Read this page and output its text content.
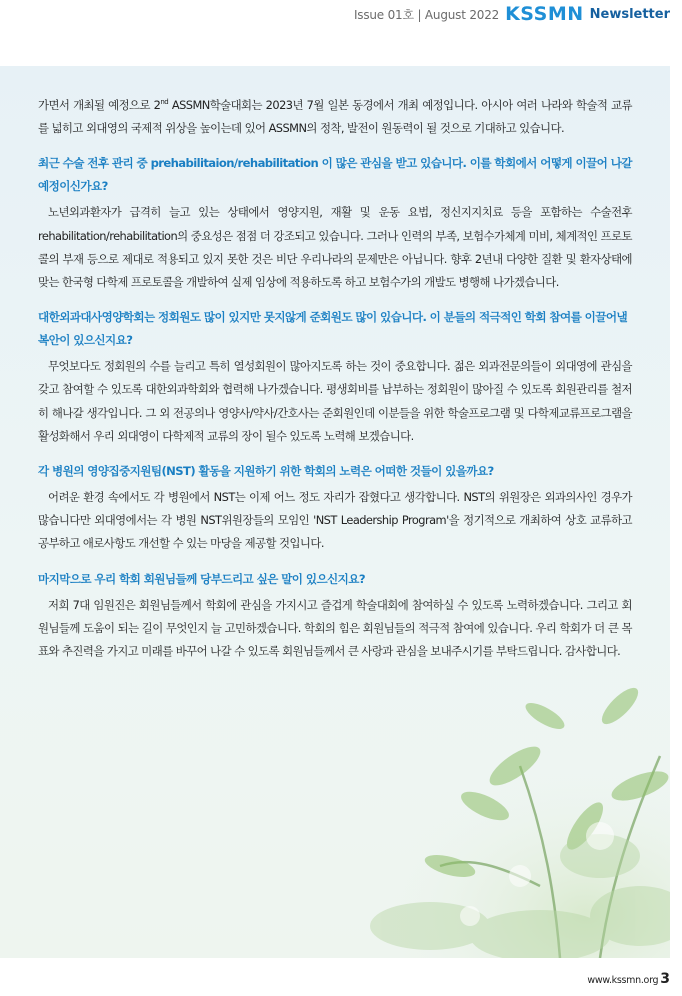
Issue 01호 | August 2022 KSSMN Newsletter

가면서 개최될 예정으로 2nd ASSMN학술대회는 2023년 7월 일본 동경에서 개최 예정입니다. 아시아 여러 나라와 학술적 교류를 넓히고 외대영의 국제적 위상을 높이는데 있어 ASSMN의 정착, 발전이 원동력이 될 것으로 기대하고 있습니다.

최근 수술 전후 관리 중 prehabilitaion/rehabilitation 이 많은 관심을 받고 있습니다. 이를 학회에서 어떻게 이끌어 나갈 예정이신가요?

노년외과환자가 급격히 늘고 있는 상태에서 영양지원, 재활 및 운동 요법, 정신지지치료 등을 포함하는 수술전후 rehabilitation/rehabilitation의 중요성은 점점 더 강조되고 있습니다. 그러나 인력의 부족, 보험수가체계 미비, 체계적인 프로토콜의 부재 등으로 제대로 적용되고 있지 못한 것은 비단 우리나라의 문제만은 아닙니다. 향후 2년내 다양한 질환 및 환자상태에 맞는 한국형 다학제 프로토콜을 개발하여 실제 임상에 적용하도록 하고 보험수가의 개발도 병행해 나가겠습니다.

대한외과대사영양학회는 정회원도 많이 있지만 못지않게 준회원도 많이 있습니다. 이 분들의 적극적인 학회 참여를 이끌어낼 복안이 있으신지요?

무엇보다도 정회원의 수를 늘리고 특히 열성회원이 많아지도록 하는 것이 중요합니다. 젊은 외과전문의들이 외대영에 관심을 갖고 참여할 수 있도록 대한외과학회와 협력해 나가겠습니다. 평생회비를 납부하는 정회원이 많아질 수 있도록 회원관리를 철저히 해나갈 생각입니다. 그 외 전공의나 영양사/약사/간호사는 준회원인데 이분들을 위한 학술프로그램 및 다학제교류프로그램을 활성화해서 우리 외대영이 다학제적 교류의 장이 될수 있도록 노력해 보겠습니다.

각 병원의 영양집중지원팀(NST) 활동을 지원하기 위한 학회의 노력은 어떠한 것들이 있을까요?

어려운 환경 속에서도 각 병원에서 NST는 이제 어느 정도 자리가 잡혔다고 생각합니다. NST의 위원장은 외과의사인 경우가 많습니다만 외대영에서는 각 병원 NST위원장들의 모임인 'NST Leadership Program'을 정기적으로 개최하여 상호 교류하고 공부하고 애로사항도 개선할 수 있는 마당을 제공할 것입니다.

마지막으로 우리 학회 회원님들께 당부드리고 싶은 말이 있으신지요?

저희 7대 임원진은 회원님들께서 학회에 관심을 가지시고 즐겁게 학술대회에 참여하실 수 있도록 노력하겠습니다. 그리고 회원님들께 도움이 되는 길이 무엇인지 늘 고민하겠습니다. 학회의 힘은 회원님들의 적극적 참여에 있습니다. 우리 학회가 더 큰 목표와 추진력을 가지고 미래를 바꾸어 나갈 수 있도록 회원님들께서 큰 사랑과 관심을 보내주시기를 부탁드립니다. 감사합니다.

www.kssmn.org 3
